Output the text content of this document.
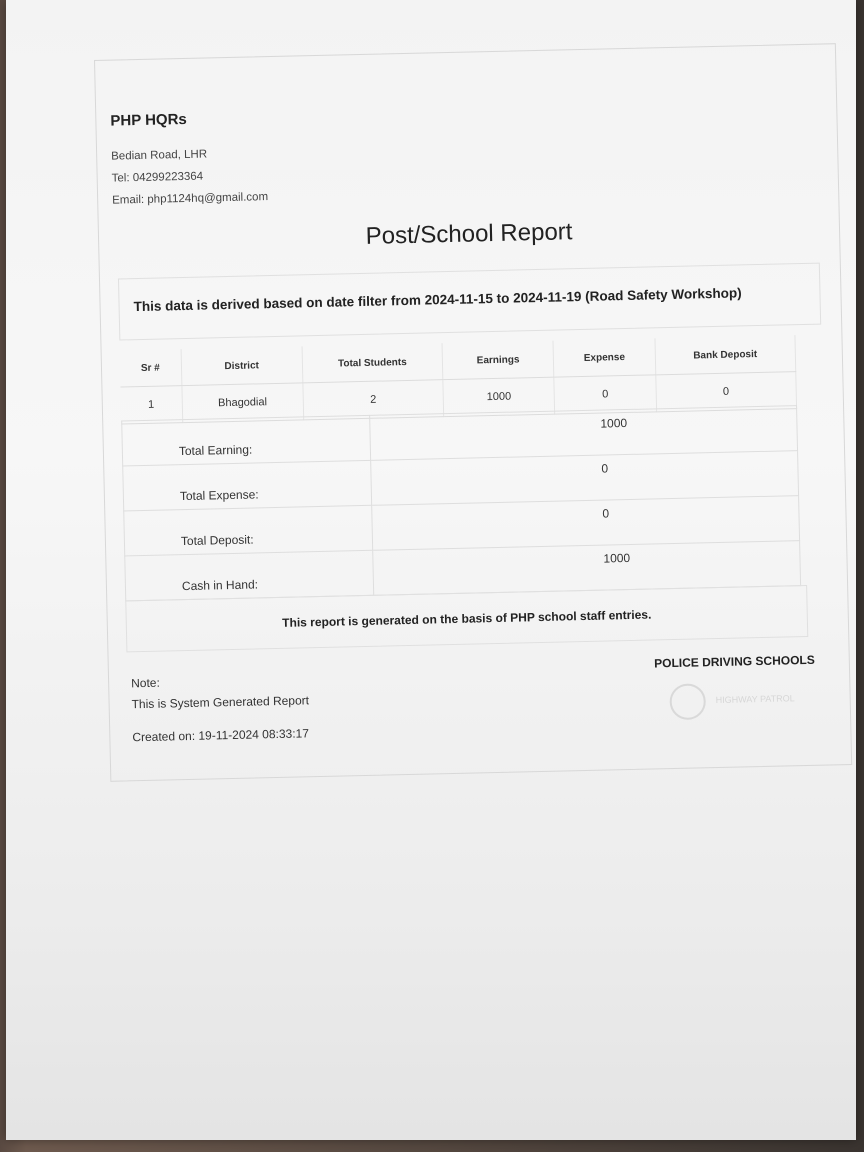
PHP HQRs
Bedian Road, LHR
Tel: 04299223364
Email: php1124hq@gmail.com
Post/School Report
This data is derived based on date filter from 2024-11-15 to 2024-11-19 (Road Safety Workshop)
Sr #	District	Total Students	Earnings	Expense	Bank Deposit
1	Bhagodial	2	1000	0	0
Total Earning:	1000
Total Expense:	0
Total Deposit:	0
Cash in Hand:	1000
This report is generated on the basis of PHP school staff entries.
Note:
This is System Generated Report
Created on: 19-11-2024 08:33:17
POLICE DRIVING SCHOOLS
HIGHWAY PATROL
